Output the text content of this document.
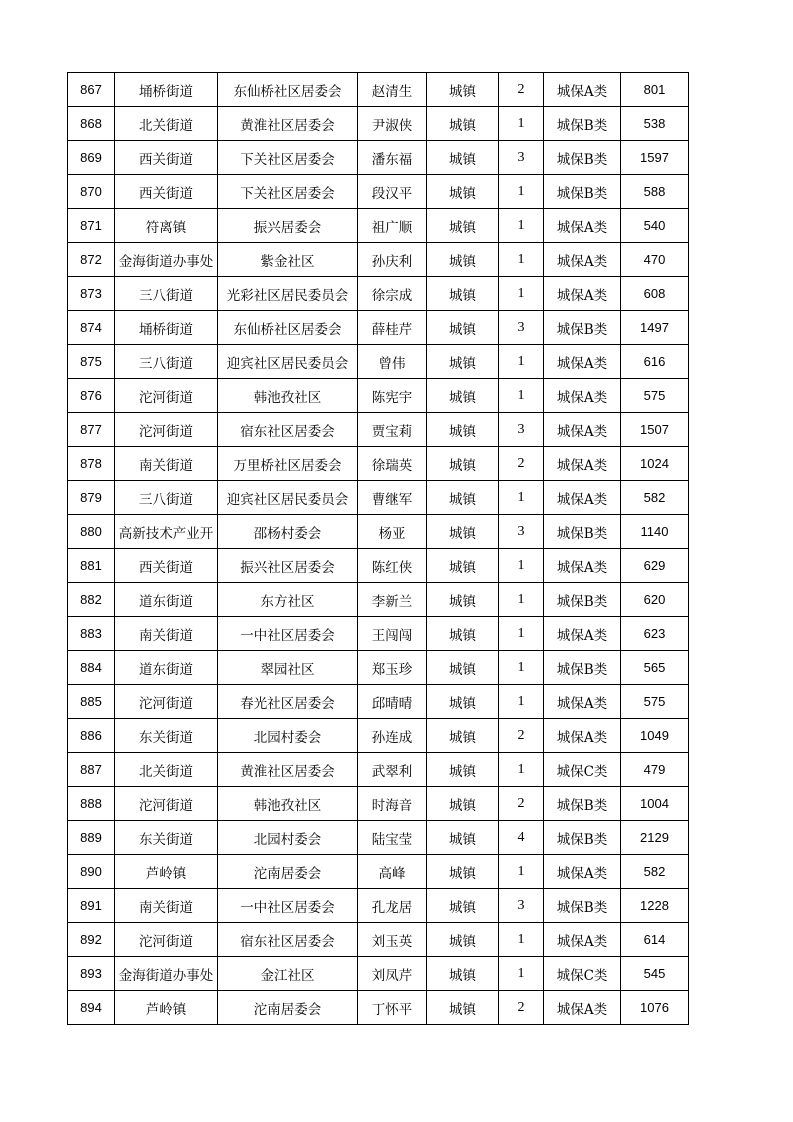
867	埇桥街道	东仙桥社区居委会	赵清生	城镇	2	城保A类	801
868	北关街道	黄淮社区居委会	尹淑侠	城镇	1	城保B类	538
869	西关街道	下关社区居委会	潘东福	城镇	3	城保B类	1597
870	西关街道	下关社区居委会	段汉平	城镇	1	城保B类	588
871	符离镇	振兴居委会	祖广顺	城镇	1	城保A类	540
872	金海街道办事处	紫金社区	孙庆利	城镇	1	城保A类	470
873	三八街道	光彩社区居民委员会	徐宗成	城镇	1	城保A类	608
874	埇桥街道	东仙桥社区居委会	薛桂芹	城镇	3	城保B类	1497
875	三八街道	迎宾社区居民委员会	曾伟	城镇	1	城保A类	616
876	沱河街道	韩池孜社区	陈宪宇	城镇	1	城保A类	575
877	沱河街道	宿东社区居委会	贾宝莉	城镇	3	城保A类	1507
878	南关街道	万里桥社区居委会	徐瑞英	城镇	2	城保A类	1024
879	三八街道	迎宾社区居民委员会	曹继军	城镇	1	城保A类	582
880	高新技术产业开	邵杨村委会	杨亚	城镇	3	城保B类	1140
881	西关街道	振兴社区居委会	陈红侠	城镇	1	城保A类	629
882	道东街道	东方社区	李新兰	城镇	1	城保B类	620
883	南关街道	一中社区居委会	王闯闯	城镇	1	城保A类	623
884	道东街道	翠园社区	郑玉珍	城镇	1	城保B类	565
885	沱河街道	春光社区居委会	邱晴晴	城镇	1	城保A类	575
886	东关街道	北园村委会	孙连成	城镇	2	城保A类	1049
887	北关街道	黄淮社区居委会	武翠利	城镇	1	城保C类	479
888	沱河街道	韩池孜社区	时海音	城镇	2	城保B类	1004
889	东关街道	北园村委会	陆宝莹	城镇	4	城保B类	2129
890	芦岭镇	沱南居委会	高峰	城镇	1	城保A类	582
891	南关街道	一中社区居委会	孔龙居	城镇	3	城保B类	1228
892	沱河街道	宿东社区居委会	刘玉英	城镇	1	城保A类	614
893	金海街道办事处	金江社区	刘凤芹	城镇	1	城保C类	545
894	芦岭镇	沱南居委会	丁怀平	城镇	2	城保A类	1076
